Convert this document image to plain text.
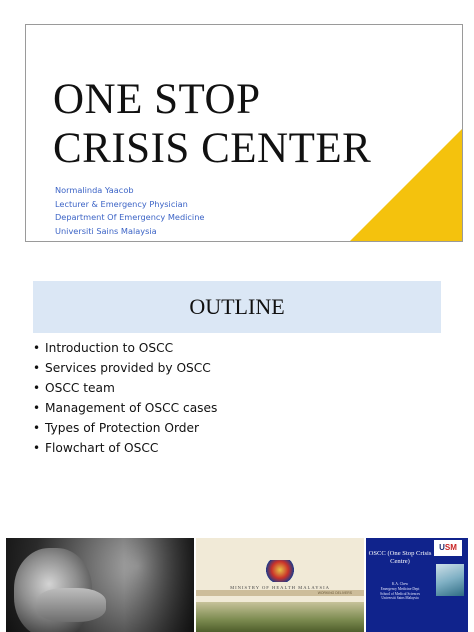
ONE STOP
CRISIS CENTER
Normalinda Yaacob
Lecturer & Emergency Physician
Department Of Emergency Medicine
Universiti Sains Malaysia
OUTLINE
• Introduction to OSCC
• Services provided by OSCC
• OSCC team
• Management of OSCC cases
• Types of Protection Order
• Flowchart of OSCC
MINISTRY OF HEALTH MALAYSIA
WORKING DELIVERS
USM
OSCC (One Stop Crisis Centre)
K.A. Chew
Emergency Medicine Dept
School of Medical Sciences
Universiti Sains Malaysia
